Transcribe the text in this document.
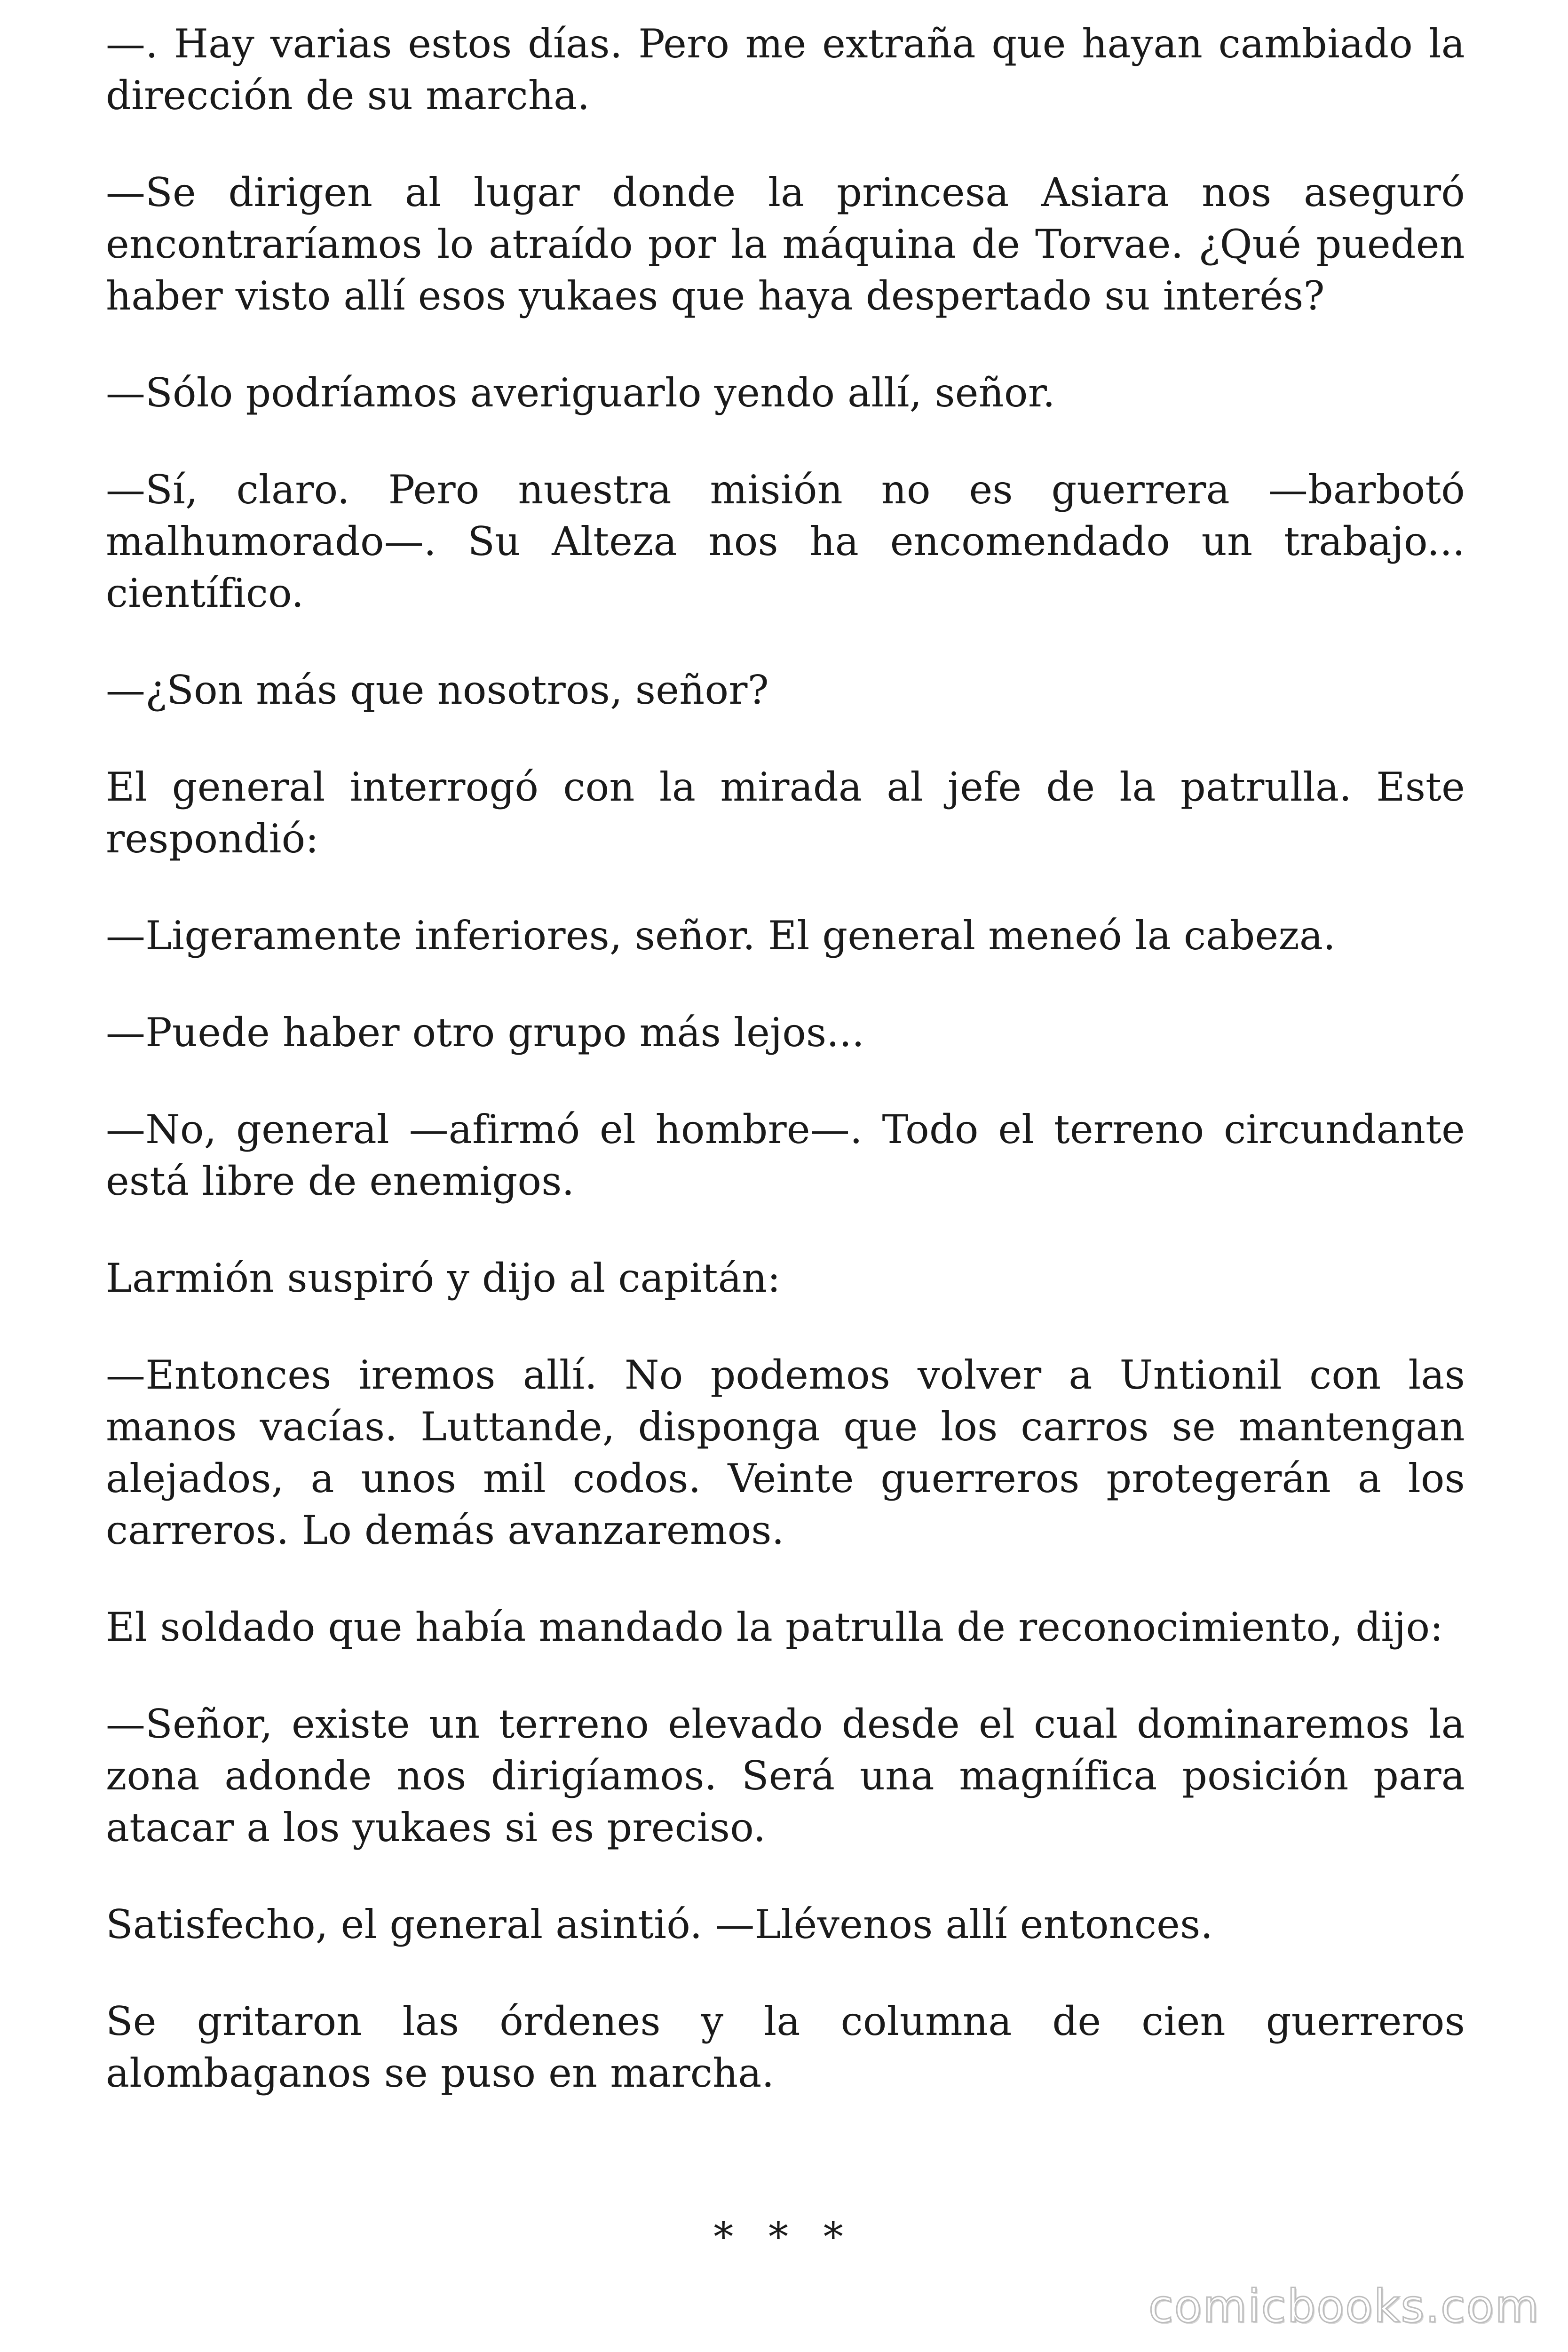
—. Hay varias estos días. Pero me extraña que hayan cambiado la dirección de su marcha.

—Se dirigen al lugar donde la princesa Asiara nos aseguró encontraríamos lo atraído por la máquina de Torvae. ¿Qué pueden haber visto allí esos yukaes que haya despertado su interés?

—Sólo podríamos averiguarlo yendo allí, señor.

—Sí, claro. Pero nuestra misión no es guerrera —barbotó malhumorado—. Su Alteza nos ha encomendado un trabajo... científico.

—¿Son más que nosotros, señor?

El general interrogó con la mirada al jefe de la patrulla. Este respondió:

—Ligeramente inferiores, señor. El general meneó la cabeza.

—Puede haber otro grupo más lejos...

—No, general —afirmó el hombre—. Todo el terreno circundante está libre de enemigos.

Larmión suspiró y dijo al capitán:

—Entonces iremos allí. No podemos volver a Untionil con las manos vacías. Luttande, disponga que los carros se mantengan alejados, a unos mil codos. Veinte guerreros protegerán a los carreros. Lo demás avanzaremos.

El soldado que había mandado la patrulla de reconocimiento, dijo:

—Señor, existe un terreno elevado desde el cual dominaremos la zona adonde nos dirigíamos. Será una magnífica posición para atacar a los yukaes si es preciso.

Satisfecho, el general asintió. —Llévenos allí entonces.

Se gritaron las órdenes y la columna de cien guerreros alombaganos se puso en marcha.

* * *
comicbooks.com
